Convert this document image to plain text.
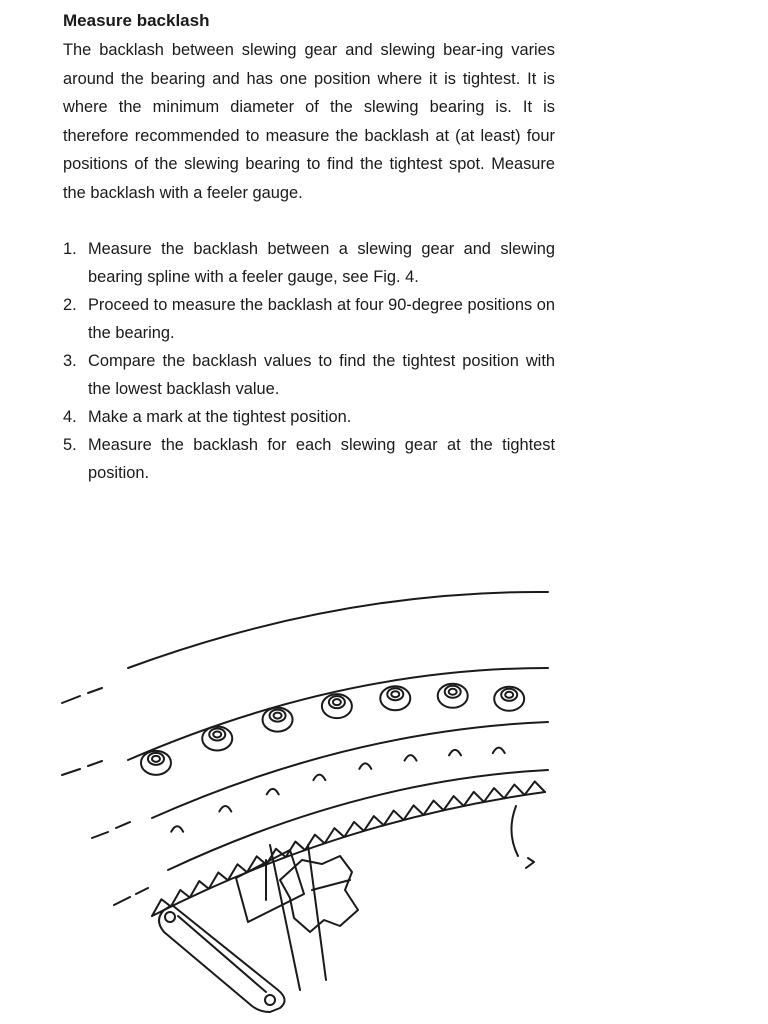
Measure backlash

The backlash between slewing gear and slewing bear-ing varies around the bearing and has one position where it is tightest. It is where the minimum diameter of the slewing bearing is. It is therefore recommended to measure the backlash at (at least) four positions of the slewing bearing to find the tightest spot. Measure the backlash with a feeler gauge.

1. Measure the backlash between a slewing gear and slewing bearing spline with a feeler gauge, see Fig. 4.
2. Proceed to measure the backlash at four 90-degree positions on the bearing.
3. Compare the backlash values to find the tightest position with the lowest backlash value.
4. Make a mark at the tightest position.
5. Measure the backlash for each slewing gear at the tightest position.
